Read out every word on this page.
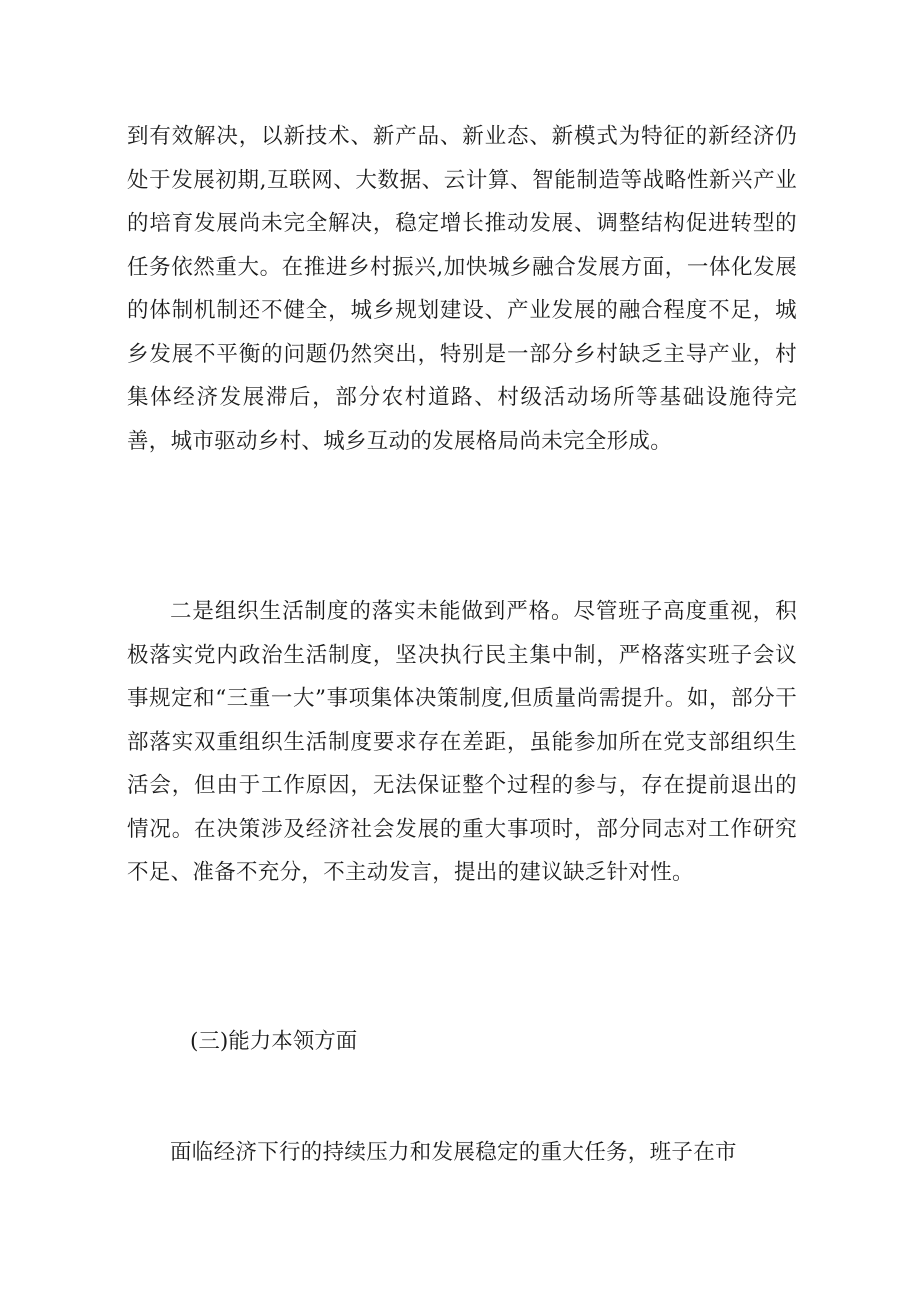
到有效解决，以新技术、新产品、新业态、新模式为特征的新经济仍处于发展初期,互联网、大数据、云计算、智能制造等战略性新兴产业的培育发展尚未完全解决，稳定增长推动发展、调整结构促进转型的任务依然重大。在推进乡村振兴,加快城乡融合发展方面，一体化发展的体制机制还不健全，城乡规划建设、产业发展的融合程度不足，城乡发展不平衡的问题仍然突出，特别是一部分乡村缺乏主导产业，村集体经济发展滞后，部分农村道路、村级活动场所等基础设施待完善，城市驱动乡村、城乡互动的发展格局尚未完全形成。

二是组织生活制度的落实未能做到严格。尽管班子高度重视，积极落实党内政治生活制度，坚决执行民主集中制，严格落实班子会议事规定和“三重一大”事项集体决策制度,但质量尚需提升。如，部分干部落实双重组织生活制度要求存在差距，虽能参加所在党支部组织生活会，但由于工作原因，无法保证整个过程的参与，存在提前退出的情况。在决策涉及经济社会发展的重大事项时，部分同志对工作研究不足、准备不充分，不主动发言，提出的建议缺乏针对性。

(三)能力本领方面

面临经济下行的持续压力和发展稳定的重大任务，班子在市
